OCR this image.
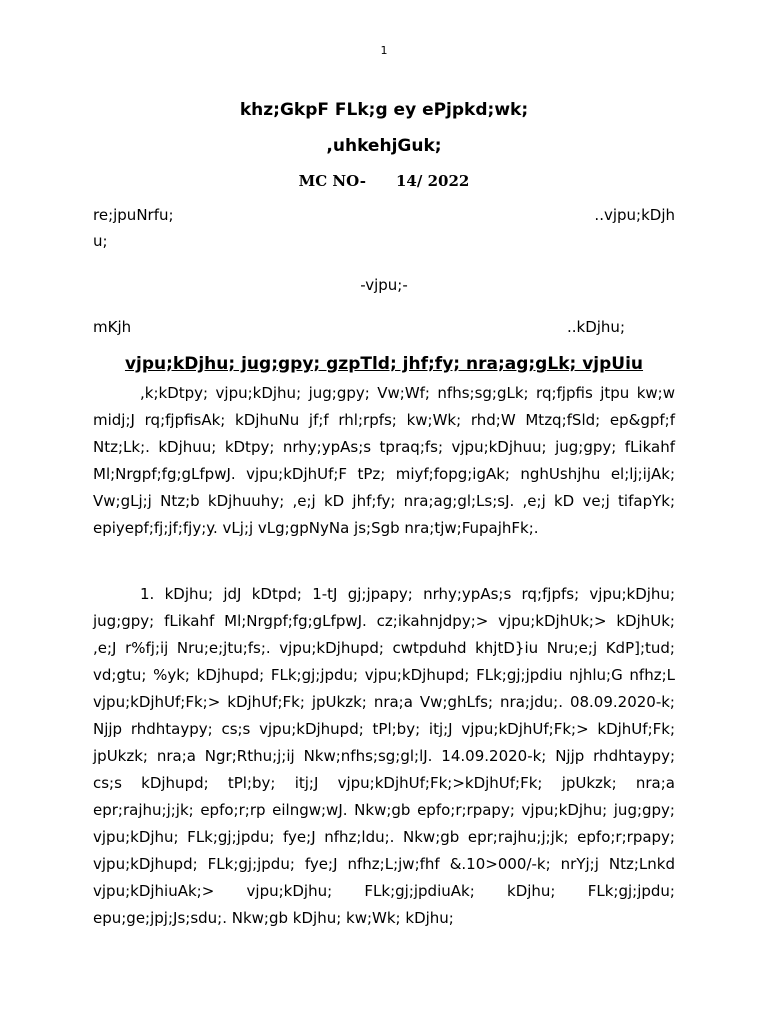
1
khz;GkpF FLk;g ey ePjpkd;wk;
,uhkehjGuk;
MC NO- 14/ 2022
re;jpuNrfu;	..vjpu;kDjh
u;
-vjpu;-
mKjh	..kDjhu;
vjpu;kDjhu; jug;gpy; gzpTld; jhf;fy; nra;ag;gLk; vjpUiu

,k;kDtpy; vjpu;kDjhu; jug;gpy; Vw;Wf; nfhs;sg;gLk; rq;fjpfis jtpu kw;w midj;J rq;fjpfisAk; kDjhuNu jf;f rhl;rpfs; kw;Wk; rhd;W Mtzq;fSld; ep&gpf;f Ntz;Lk;. kDjhuu; kDtpy; nrhy;ypAs;s tpraq;fs; vjpu;kDjhuu; jug;gpy; fLikahf Ml;Nrgpf;fg;gLfpwJ. vjpu;kDjhUf;F tPz; miyf;fopg;igAk; nghUshjhu el;lj;ijAk; Vw;gLj;j Ntz;b kDjhuuhy; ,e;j kD jhf;fy; nra;ag;gl;Ls;sJ. ,e;j kD ve;j tifapYk; epiyepf;fj;jf;fjy;y. vLj;j vLg;gpNyNa js;Sgb nra;tjw;FupajhFk;.

1. kDjhu; jdJ kDtpd; 1-tJ gj;jpapy; nrhy;ypAs;s rq;fjpfs; vjpu;kDjhu; jug;gpy; fLikahf Ml;Nrgpf;fg;gLfpwJ. cz;ikahnjdpy;> vjpu;kDjhUk;> kDjhUk; ,e;J r%fj;ij Nru;e;jtu;fs;. vjpu;kDjhupd; cwtpduhd khjtD}iu Nru;e;j KdP];tud; vd;gtu; %yk; kDjhupd; FLk;gj;jpdu; vjpu;kDjhupd; FLk;gj;jpdiu njhlu;G nfhz;L vjpu;kDjhUf;Fk;> kDjhUf;Fk; jpUkzk; nra;a Vw;ghLfs; nra;jdu;. 08.09.2020-k; Njjp rhdhtaypy; cs;s vjpu;kDjhupd; tPl;by; itj;J vjpu;kDjhUf;Fk;> kDjhUf;Fk; jpUkzk; nra;a Ngr;Rthu;j;ij Nkw;nfhs;sg;gl;lJ. 14.09.2020-k; Njjp rhdhtaypy; cs;s kDjhupd; tPl;by; itj;J vjpu;kDjhUf;Fk;>kDjhUf;Fk; jpUkzk; nra;a epr;rajhu;j;jk; epfo;r;rp eilngw;wJ. Nkw;gb epfo;r;rpapy; vjpu;kDjhu; jug;gpy; vjpu;kDjhu; FLk;gj;jpdu; fye;J nfhz;ldu;. Nkw;gb epr;rajhu;j;jk; epfo;r;rpapy; vjpu;kDjhupd; FLk;gj;jpdu; fye;J nfhz;L;jw;fhf &.10>000/-k; nrYj;j Ntz;Lnkd vjpu;kDjhiuAk;> vjpu;kDjhu; FLk;gj;jpdiuAk; kDjhu; FLk;gj;jpdu; epu;ge;jpj;Js;sdu;. Nkw;gb kDjhu; kw;Wk; kDjhu;
